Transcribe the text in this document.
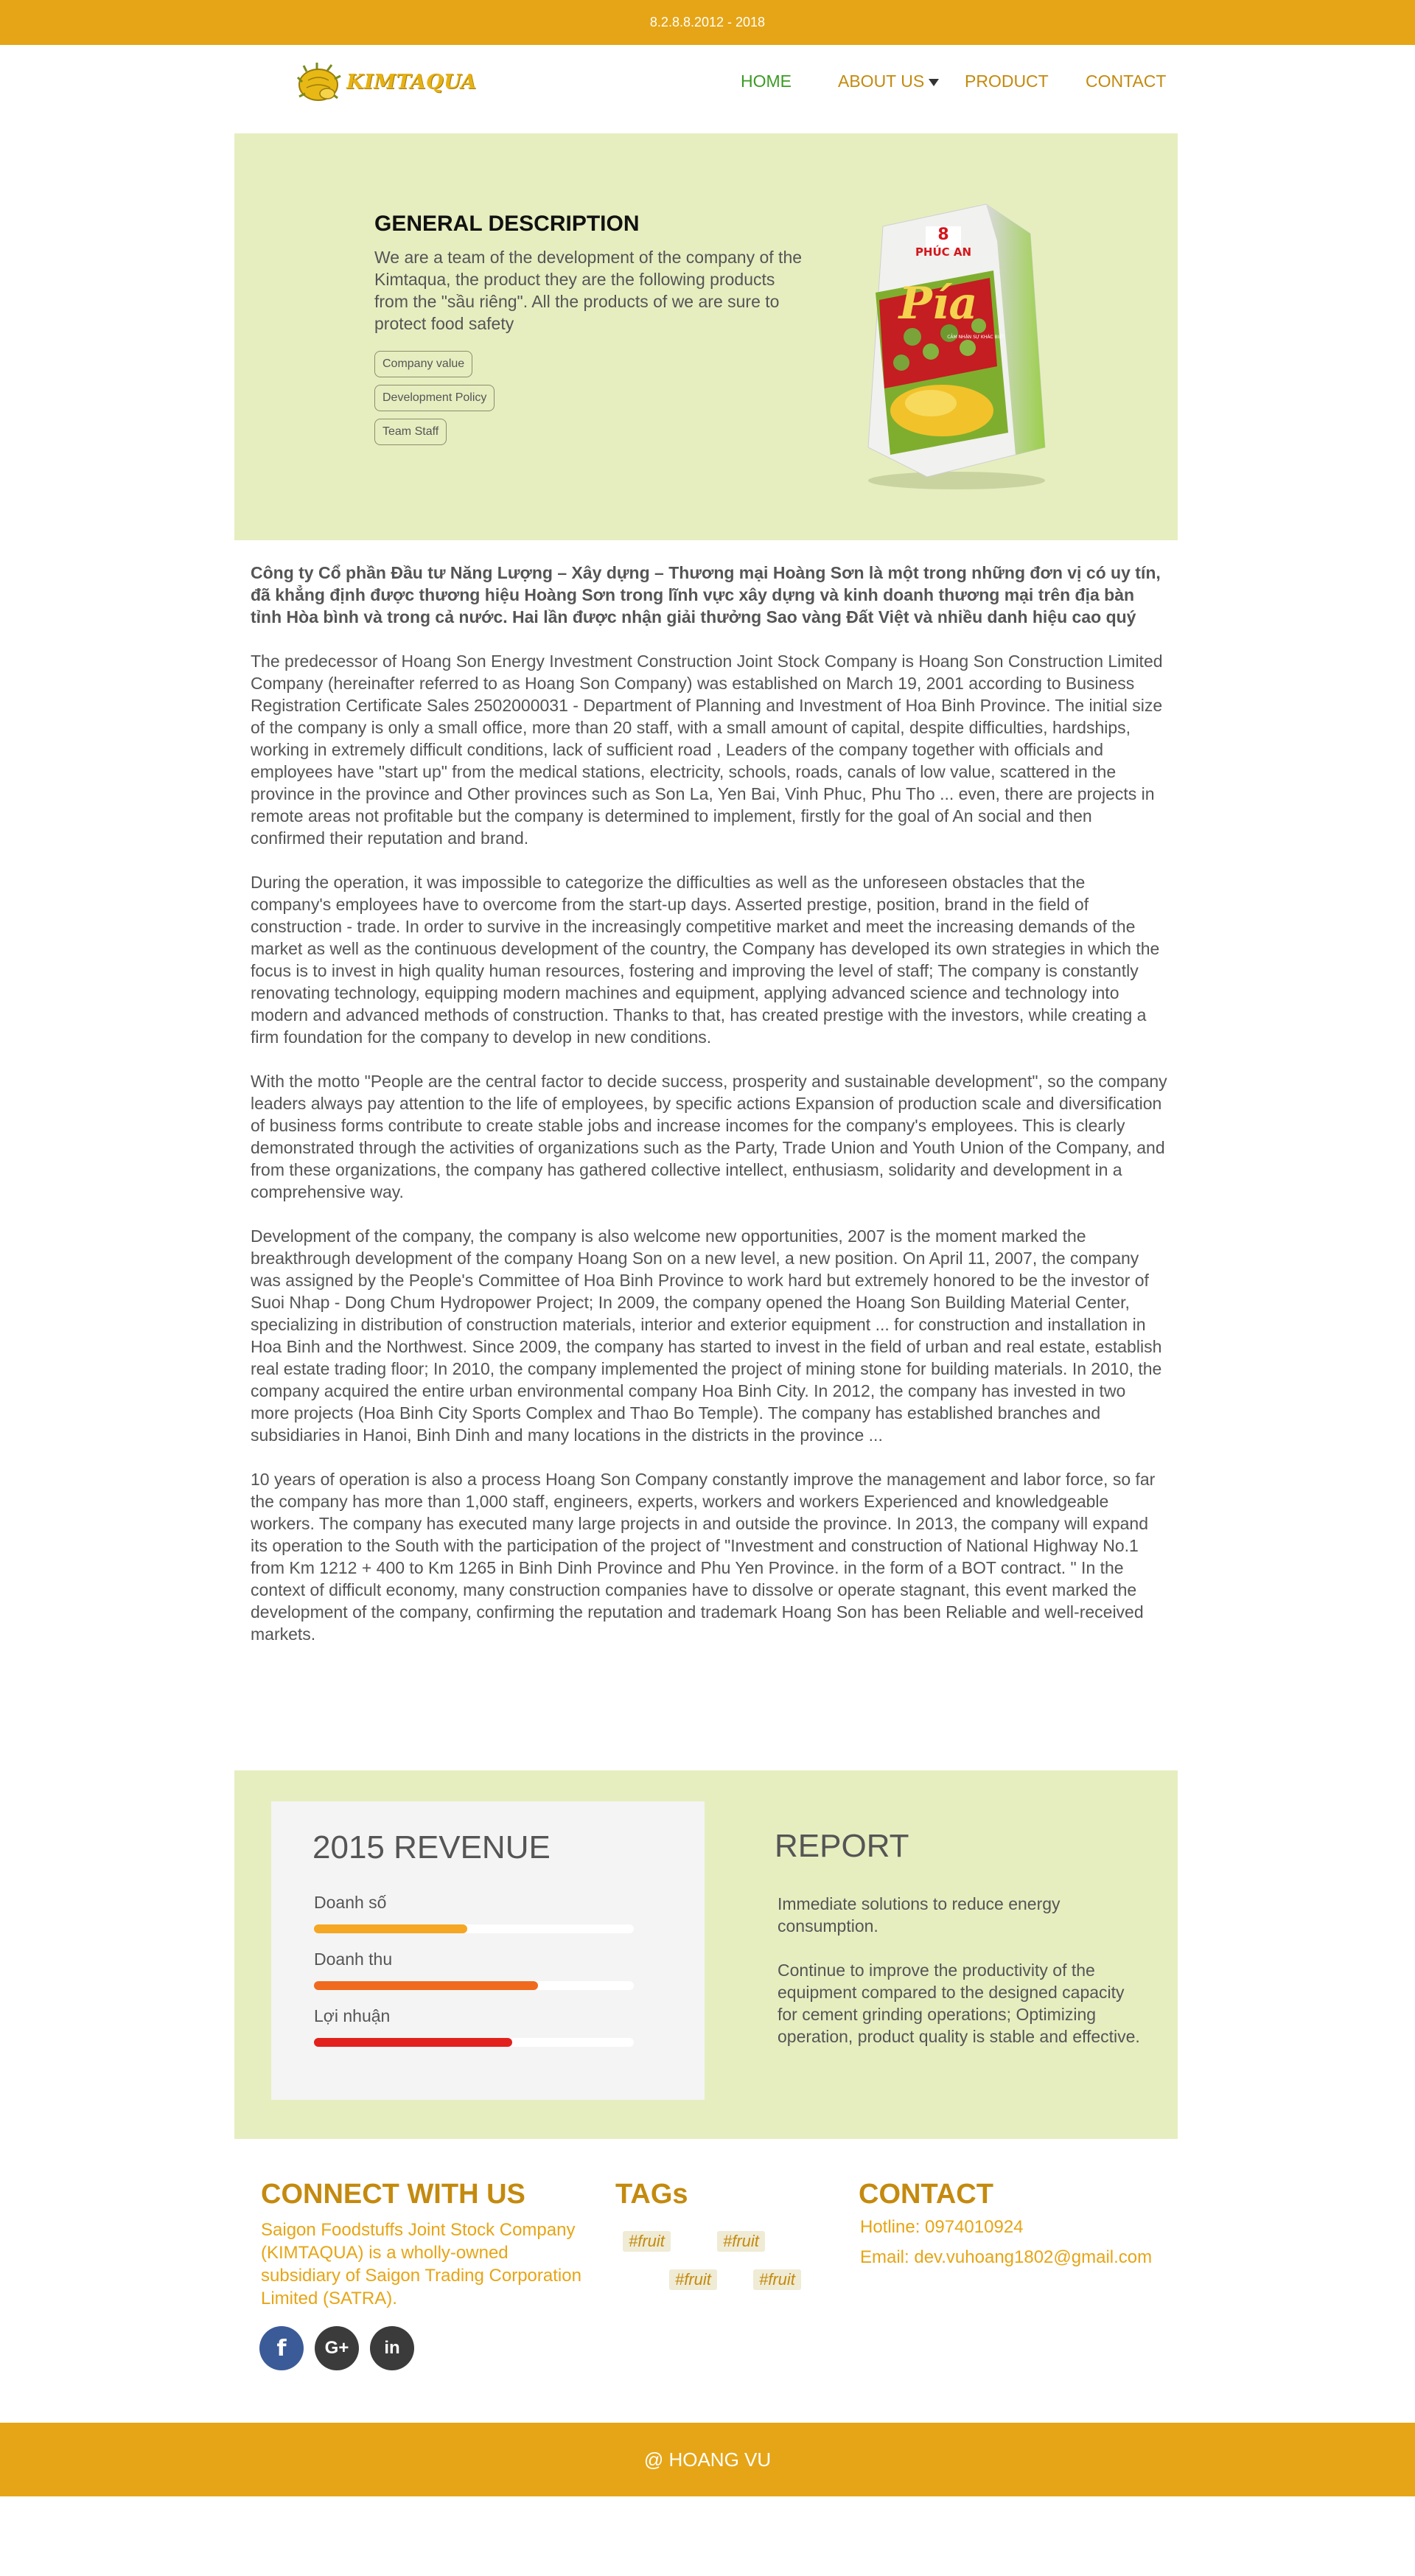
8.2.8.8.2012 - 2018
KIMTAQUA	HOME	ABOUT US	PRODUCT CONTACT
GENERAL DESCRIPTION
We are a team of the development of the company of the Kimtaqua, the product they are the following products from the "sầu riêng". All the products of we are sure to protect food safety
Company value
Development Policy
Team Staff
8
PHÚC AN
Pía
CẢM NHẬN SỰ KHÁC BIỆT

Công ty Cổ phần Đầu tư Năng Lượng – Xây dựng – Thương mại Hoàng Sơn là một trong những đơn vị có uy tín, đã khẳng định được thương hiệu Hoàng Sơn trong lĩnh vực xây dựng và kinh doanh thương mại trên địa bàn tỉnh Hòa bình và trong cả nước. Hai lần được nhận giải thưởng Sao vàng Đất Việt và nhiều danh hiệu cao quý

The predecessor of Hoang Son Energy Investment Construction Joint Stock Company is Hoang Son Construction Limited Company (hereinafter referred to as Hoang Son Company) was established on March 19, 2001 according to Business Registration Certificate Sales 2502000031 - Department of Planning and Investment of Hoa Binh Province. The initial size of the company is only a small office, more than 20 staff, with a small amount of capital, despite difficulties, hardships, working in extremely difficult conditions, lack of sufficient road , Leaders of the company together with officials and employees have "start up" from the medical stations, electricity, schools, roads, canals of low value, scattered in the province in the province and Other provinces such as Son La, Yen Bai, Vinh Phuc, Phu Tho ... even, there are projects in remote areas not profitable but the company is determined to implement, firstly for the goal of An social and then confirmed their reputation and brand.

During the operation, it was impossible to categorize the difficulties as well as the unforeseen obstacles that the company's employees have to overcome from the start-up days. Asserted prestige, position, brand in the field of construction - trade. In order to survive in the increasingly competitive market and meet the increasing demands of the market as well as the continuous development of the country, the Company has developed its own strategies in which the focus is to invest in high quality human resources, fostering and improving the level of staff; The company is constantly renovating technology, equipping modern machines and equipment, applying advanced science and technology into modern and advanced methods of construction. Thanks to that, has created prestige with the investors, while creating a firm foundation for the company to develop in new conditions.

With the motto "People are the central factor to decide success, prosperity and sustainable development", so the company leaders always pay attention to the life of employees, by specific actions Expansion of production scale and diversification of business forms contribute to create stable jobs and increase incomes for the company's employees. This is clearly demonstrated through the activities of organizations such as the Party, Trade Union and Youth Union of the Company, and from these organizations, the company has gathered collective intellect, enthusiasm, solidarity and development in a comprehensive way.

Development of the company, the company is also welcome new opportunities, 2007 is the moment marked the breakthrough development of the company Hoang Son on a new level, a new position. On April 11, 2007, the company was assigned by the People's Committee of Hoa Binh Province to work hard but extremely honored to be the investor of Suoi Nhap - Dong Chum Hydropower Project; In 2009, the company opened the Hoang Son Building Material Center, specializing in distribution of construction materials, interior and exterior equipment ... for construction and installation in Hoa Binh and the Northwest. Since 2009, the company has started to invest in the field of urban and real estate, establish real estate trading floor; In 2010, the company implemented the project of mining stone for building materials. In 2010, the company acquired the entire urban environmental company Hoa Binh City. In 2012, the company has invested in two more projects (Hoa Binh City Sports Complex and Thao Bo Temple). The company has established branches and subsidiaries in Hanoi, Binh Dinh and many locations in the districts in the province ...

10 years of operation is also a process Hoang Son Company constantly improve the management and labor force, so far the company has more than 1,000 staff, engineers, experts, workers and workers Experienced and knowledgeable workers. The company has executed many large projects in and outside the province. In 2013, the company will expand its operation to the South with the participation of the project of "Investment and construction of National Highway No.1 from Km 1212 + 400 to Km 1265 in Binh Dinh Province and Phu Yen Province. in the form of a BOT contract. " In the context of difficult economy, many construction companies have to dissolve or operate stagnant, this event marked the development of the company, confirming the reputation and trademark Hoang Son has been Reliable and well-received markets.

2015 REVENUE
Doanh số
Doanh thu
Lợi nhuận
REPORT
Immediate solutions to reduce energy consumption.
Continue to improve the productivity of the equipment compared to the designed capacity for cement grinding operations; Optimizing operation, product quality is stable and effective.
CONNECT WITH US
Saigon Foodstuffs Joint Stock Company (KIMTAQUA) is a wholly-owned subsidiary of Saigon Trading Corporation Limited (SATRA).
f	G+	in
TAGs
#fruit	#fruit
#fruit	#fruit
CONTACT
Hotline: 0974010924
Email: dev.vuhoang1802@gmail.com
@ HOANG VU
